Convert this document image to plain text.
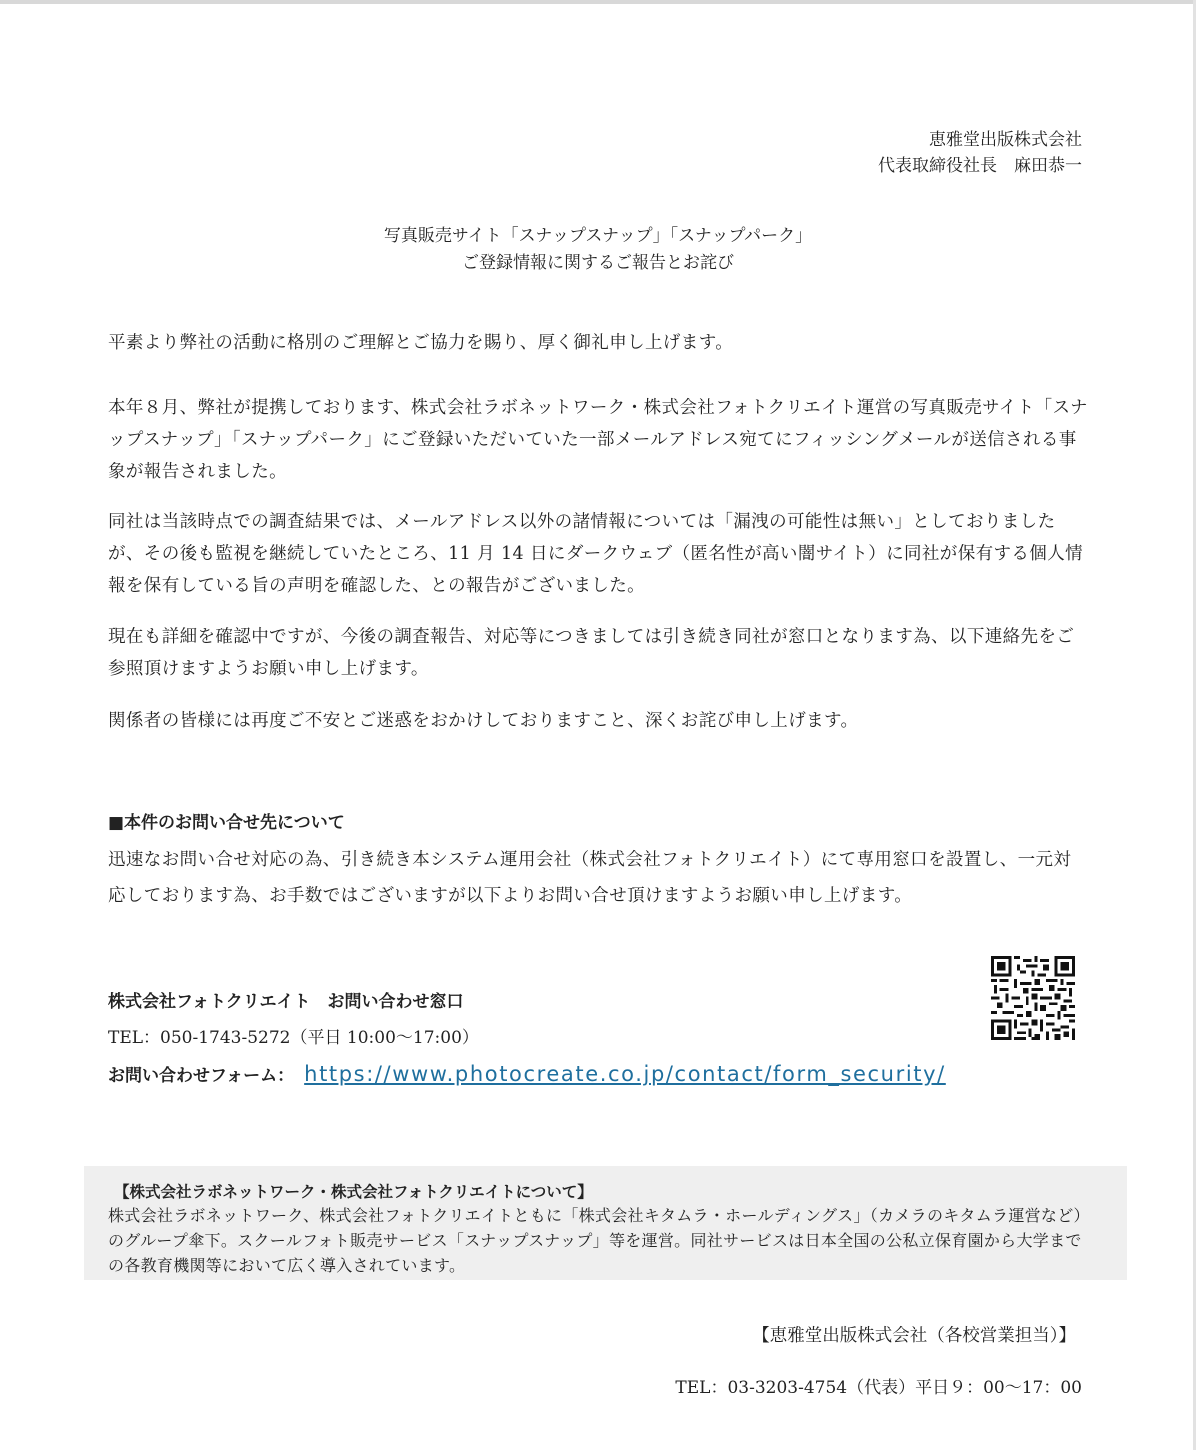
恵雅堂出版株式会社
代表取締役社長　麻田恭一
写真販売サイト「スナップスナップ」「スナップパーク」
ご登録情報に関するご報告とお詫び

平素より弊社の活動に格別のご理解とご協力を賜り、厚く御礼申し上げます。

本年８月、弊社が提携しております、株式会社ラボネットワーク・株式会社フォトクリエイト運営の写真販売サイト「スナップスナップ」「スナップパーク」にご登録いただいていた一部メールアドレス宛てにフィッシングメールが送信される事象が報告されました。

同社は当該時点での調査結果では、メールアドレス以外の諸情報については「漏洩の可能性は無い」としておりましたが、その後も監視を継続していたところ、11 月 14 日にダークウェブ（匿名性が高い闇サイト）に同社が保有する個人情報を保有している旨の声明を確認した、との報告がございました。

現在も詳細を確認中ですが、今後の調査報告、対応等につきましては引き続き同社が窓口となります為、以下連絡先をご参照頂けますようお願い申し上げます。

関係者の皆様には再度ご不安とご迷惑をおかけしておりますこと、深くお詫び申し上げます。

■本件のお問い合せ先について

迅速なお問い合せ対応の為、引き続き本システム運用会社（株式会社フォトクリエイト）にて専用窓口を設置し、一元対応しております為、お手数ではございますが以下よりお問い合せ頂けますようお願い申し上げます。

株式会社フォトクリエイト　お問い合わせ窓口
TEL：050-1743-5272（平日 10:00～17:00）
お問い合わせフォーム： https://www.photocreate.co.jp/contact/form_security/
【株式会社ラボネットワーク・株式会社フォトクリエイトについて】

株式会社ラボネットワーク、株式会社フォトクリエイトともに「株式会社キタムラ・ホールディングス」（カメラのキタムラ運営など）のグループ傘下。スクールフォト販売サービス「スナップスナップ」等を運営。同社サービスは日本全国の公私立保育園から大学までの各教育機関等において広く導入されています。

【恵雅堂出版株式会社（各校営業担当）】
TEL：03-3203-4754（代表）平日９：00～17：00
